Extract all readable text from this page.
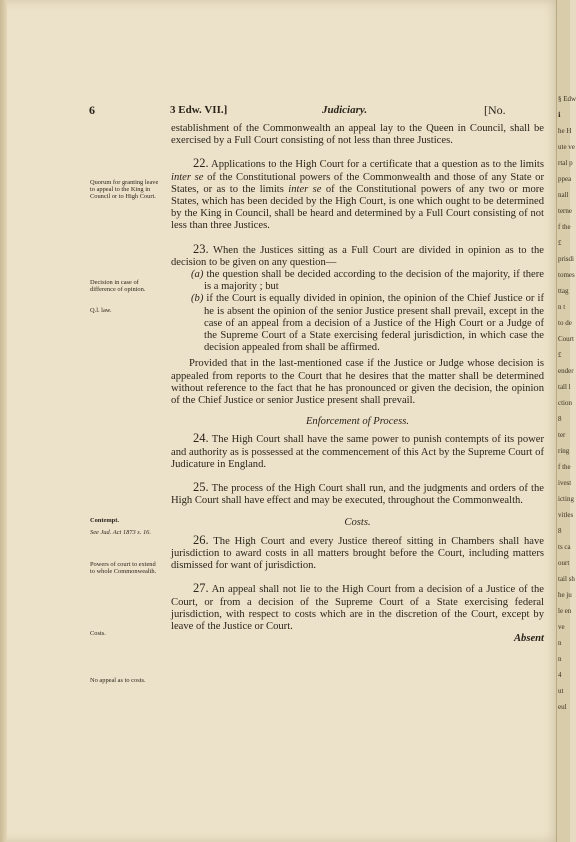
6	3 Edw. VII.]	Judiciary.	[No.
Quorum for granting leave to appeal to the King in Council or to High Court.
Decision in case of difference of opinion.
Q.l. law.
Contempt.
See Jud. Act 1873 s. 16.
Powers of court to extend to whole Commonwealth.
Costs.
No appeal as to costs.

establishment of the Commonwealth an appeal lay to the Queen in Council, shall be exercised by a Full Court consisting of not less than three Justices.

22. Applications to the High Court for a certificate that a question as to the limits inter se of the Constitutional powers of the Commonwealth and those of any State or States, or as to the limits inter se of the Constitutional powers of any two or more States, which has been decided by the High Court, is one which ought to be determined by the King in Council, shall be heard and determined by a Full Court consisting of not less than three Justices.

23. When the Justices sitting as a Full Court are divided in opinion as to the decision to be given on any question—

(a) the question shall be decided according to the decision of the majority, if there is a majority ; but

(b) if the Court is equally divided in opinion, the opinion of the Chief Justice or if he is absent the opinion of the senior Justice present shall prevail, except in the case of an appeal from a decision of a Justice of the High Court or a Judge of the Supreme Court of a State exercising federal jurisdiction, in which case the decision appealed from shall be affirmed.

Provided that in the last-mentioned case if the Justice or Judge whose decision is appealed from reports to the Court that he desires that the matter shall be determined without reference to the fact that he has pronounced or given the decision, the opinion of the Chief Justice or senior Justice present shall prevail.

Enforcement of Process.

24. The High Court shall have the same power to punish contempts of its power and authority as is possessed at the commencement of this Act by the Supreme Court of Judicature in England.

25. The process of the High Court shall run, and the judgments and orders of the High Court shall have effect and may be executed, throughout the Commonwealth.

Costs.

26. The High Court and every Justice thereof sitting in Chambers shall have jurisdiction to award costs in all matters brought before the Court, including matters dismissed for want of jurisdiction.

27. An appeal shall not lie to the High Court from a decision of a Justice of the Court, or from a decision of the Supreme Court of a State exercising federal jurisdiction, with respect to costs which are in the discretion of the Court, except by leave of the Justice or Court.

Absent

§ Edw
ℹ
he H
ute ve
rtal p
ppea
nall
terne
f the
£
prisdi
tomes
ttag
n t
to de
Court
£
ender
tall l
ction
8
ter
ring
f the
ivest
icting
vitles
8
ts ca
ourt
tail sh
he ju
le en
ve
n
n
4
ut
eul
